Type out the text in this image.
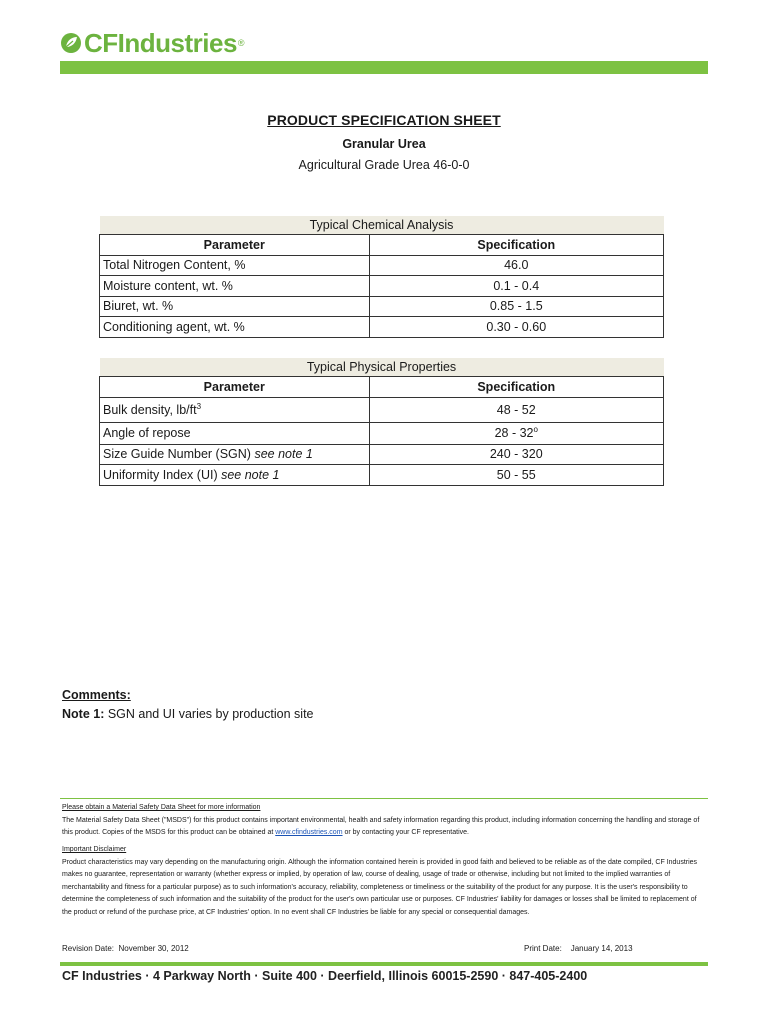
CFIndustries ®
PRODUCT SPECIFICATION SHEET
Granular Urea
Agricultural Grade Urea 46-0-0
Typical Chemical Analysis	
Parameter	Specification
Total Nitrogen Content, %	46.0
Moisture content, wt. %	0.1 - 0.4
Biuret, wt. %	0.85 - 1.5
Conditioning agent, wt. %	0.30 - 0.60
Typical Physical Properties	
Parameter	Specification
Bulk density, $lb/ft^3$	48 - 52
Angle of repose	28 - 32$^o$
Size Guide Number (SGN) see note 1	240 - 320
Uniformity Index (UI) see note 1	50 - 55
Comments:
Note 1: SGN and UI varies by production site
Please obtain a Material Safety Data Sheet for more information
The Material Safety Data Sheet ("MSDS") for this product contains important environmental, health and safety information regarding this product, including information concerning the handling and storage of this product. Copies of the MSDS for this product can be obtained at www.cfindustries.com or by contacting your CF representative.
Important Disclaimer
Product characteristics may vary depending on the manufacturing origin. Although the information contained herein is provided in good faith and believed to be reliable as of the date compiled, CF Industries makes no guarantee, representation or warranty (whether express or implied, by operation of law, course of dealing, usage of trade or otherwise, including but not limited to the implied warranties of merchantability and fitness for a particular purpose) as to such information's accuracy, reliability, completeness or timeliness or the suitability of the product for any purpose. It is the user's responsibility to determine the completeness of such information and the suitability of the product for the user's own particular use or purposes. CF Industries' liability for damages or losses shall be limited to replacement of the product or refund of the purchase price, at CF Industries' option. In no event shall CF Industries be liable for any special or consequential damages.
Revision Date: November 30, 2012	Print Date: January 14, 2013
CF Industries · 4 Parkway North · Suite 400 · Deerfield, Illinois 60015-2590 · 847-405-2400
